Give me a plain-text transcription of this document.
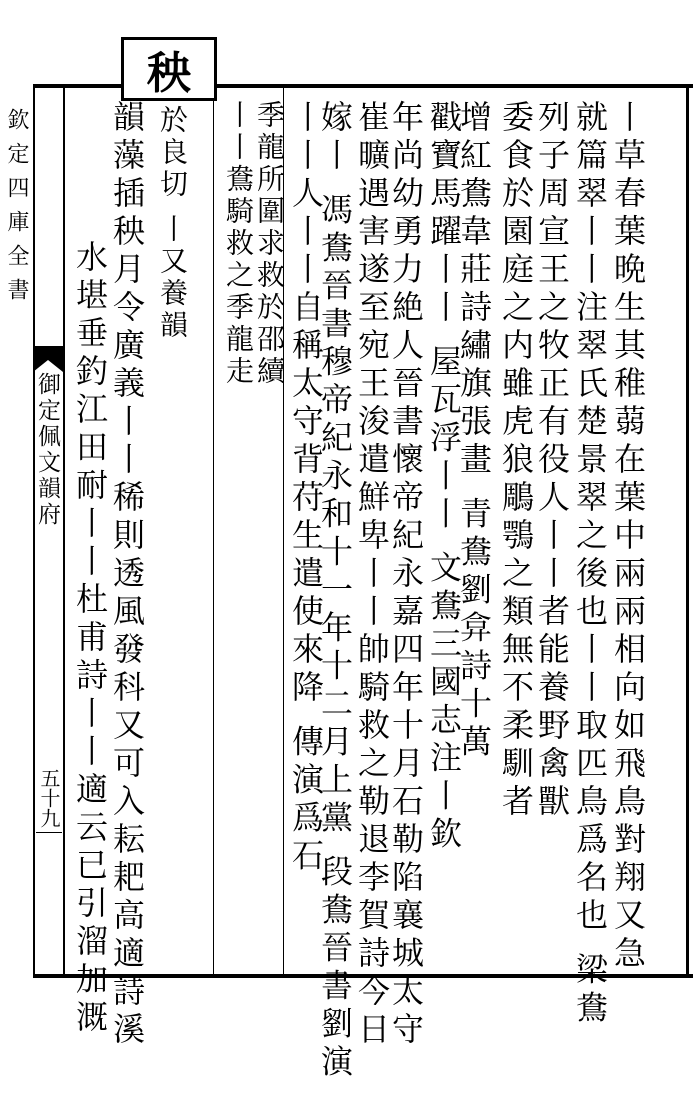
秧
欽定四庫全書
御定佩文韻府
五十九	丨草春葉晩生其稚蒻在葉中兩兩相向如飛鳥對翔又急
就篇翠丨丨注翠氏楚景翠之後也丨丨取匹鳥爲名也 梁鴦
列子周宣王之牧正有役人丨丨者能養野禽獸
委食於園庭之内雖虎狼鵰鶚之類無不柔馴者
增紅鴦韋莊詩繡旗張畫 青鴦劉弇詩十萬
戳寶馬躍丨丨 屋瓦浮丨丨 文鴦三國志注丨欽
年尚幼勇力絶人晉書懷帝紀永嘉四年十月石勒陷襄城太守
崔曠遇害遂至宛王浚遣鮮卑丨丨帥騎救之勒退李賀詩今日
嫁丨 馮鴦晉書穆帝紀永和十一年十二月上黨 段鴦晉書劉演
丨丨人丨丨自稱太守背苻生遣使來降 傳演爲石
季龍所圍求救於邵續
丨丨鴦騎救之季龍走
於良切 丨又養韻
韻藻插秧月令廣義丨丨稀則透風發科又可入耘耙高適詩溪
水堪垂釣江田耐丨丨杜甫詩丨丨適云已引溜加溉
